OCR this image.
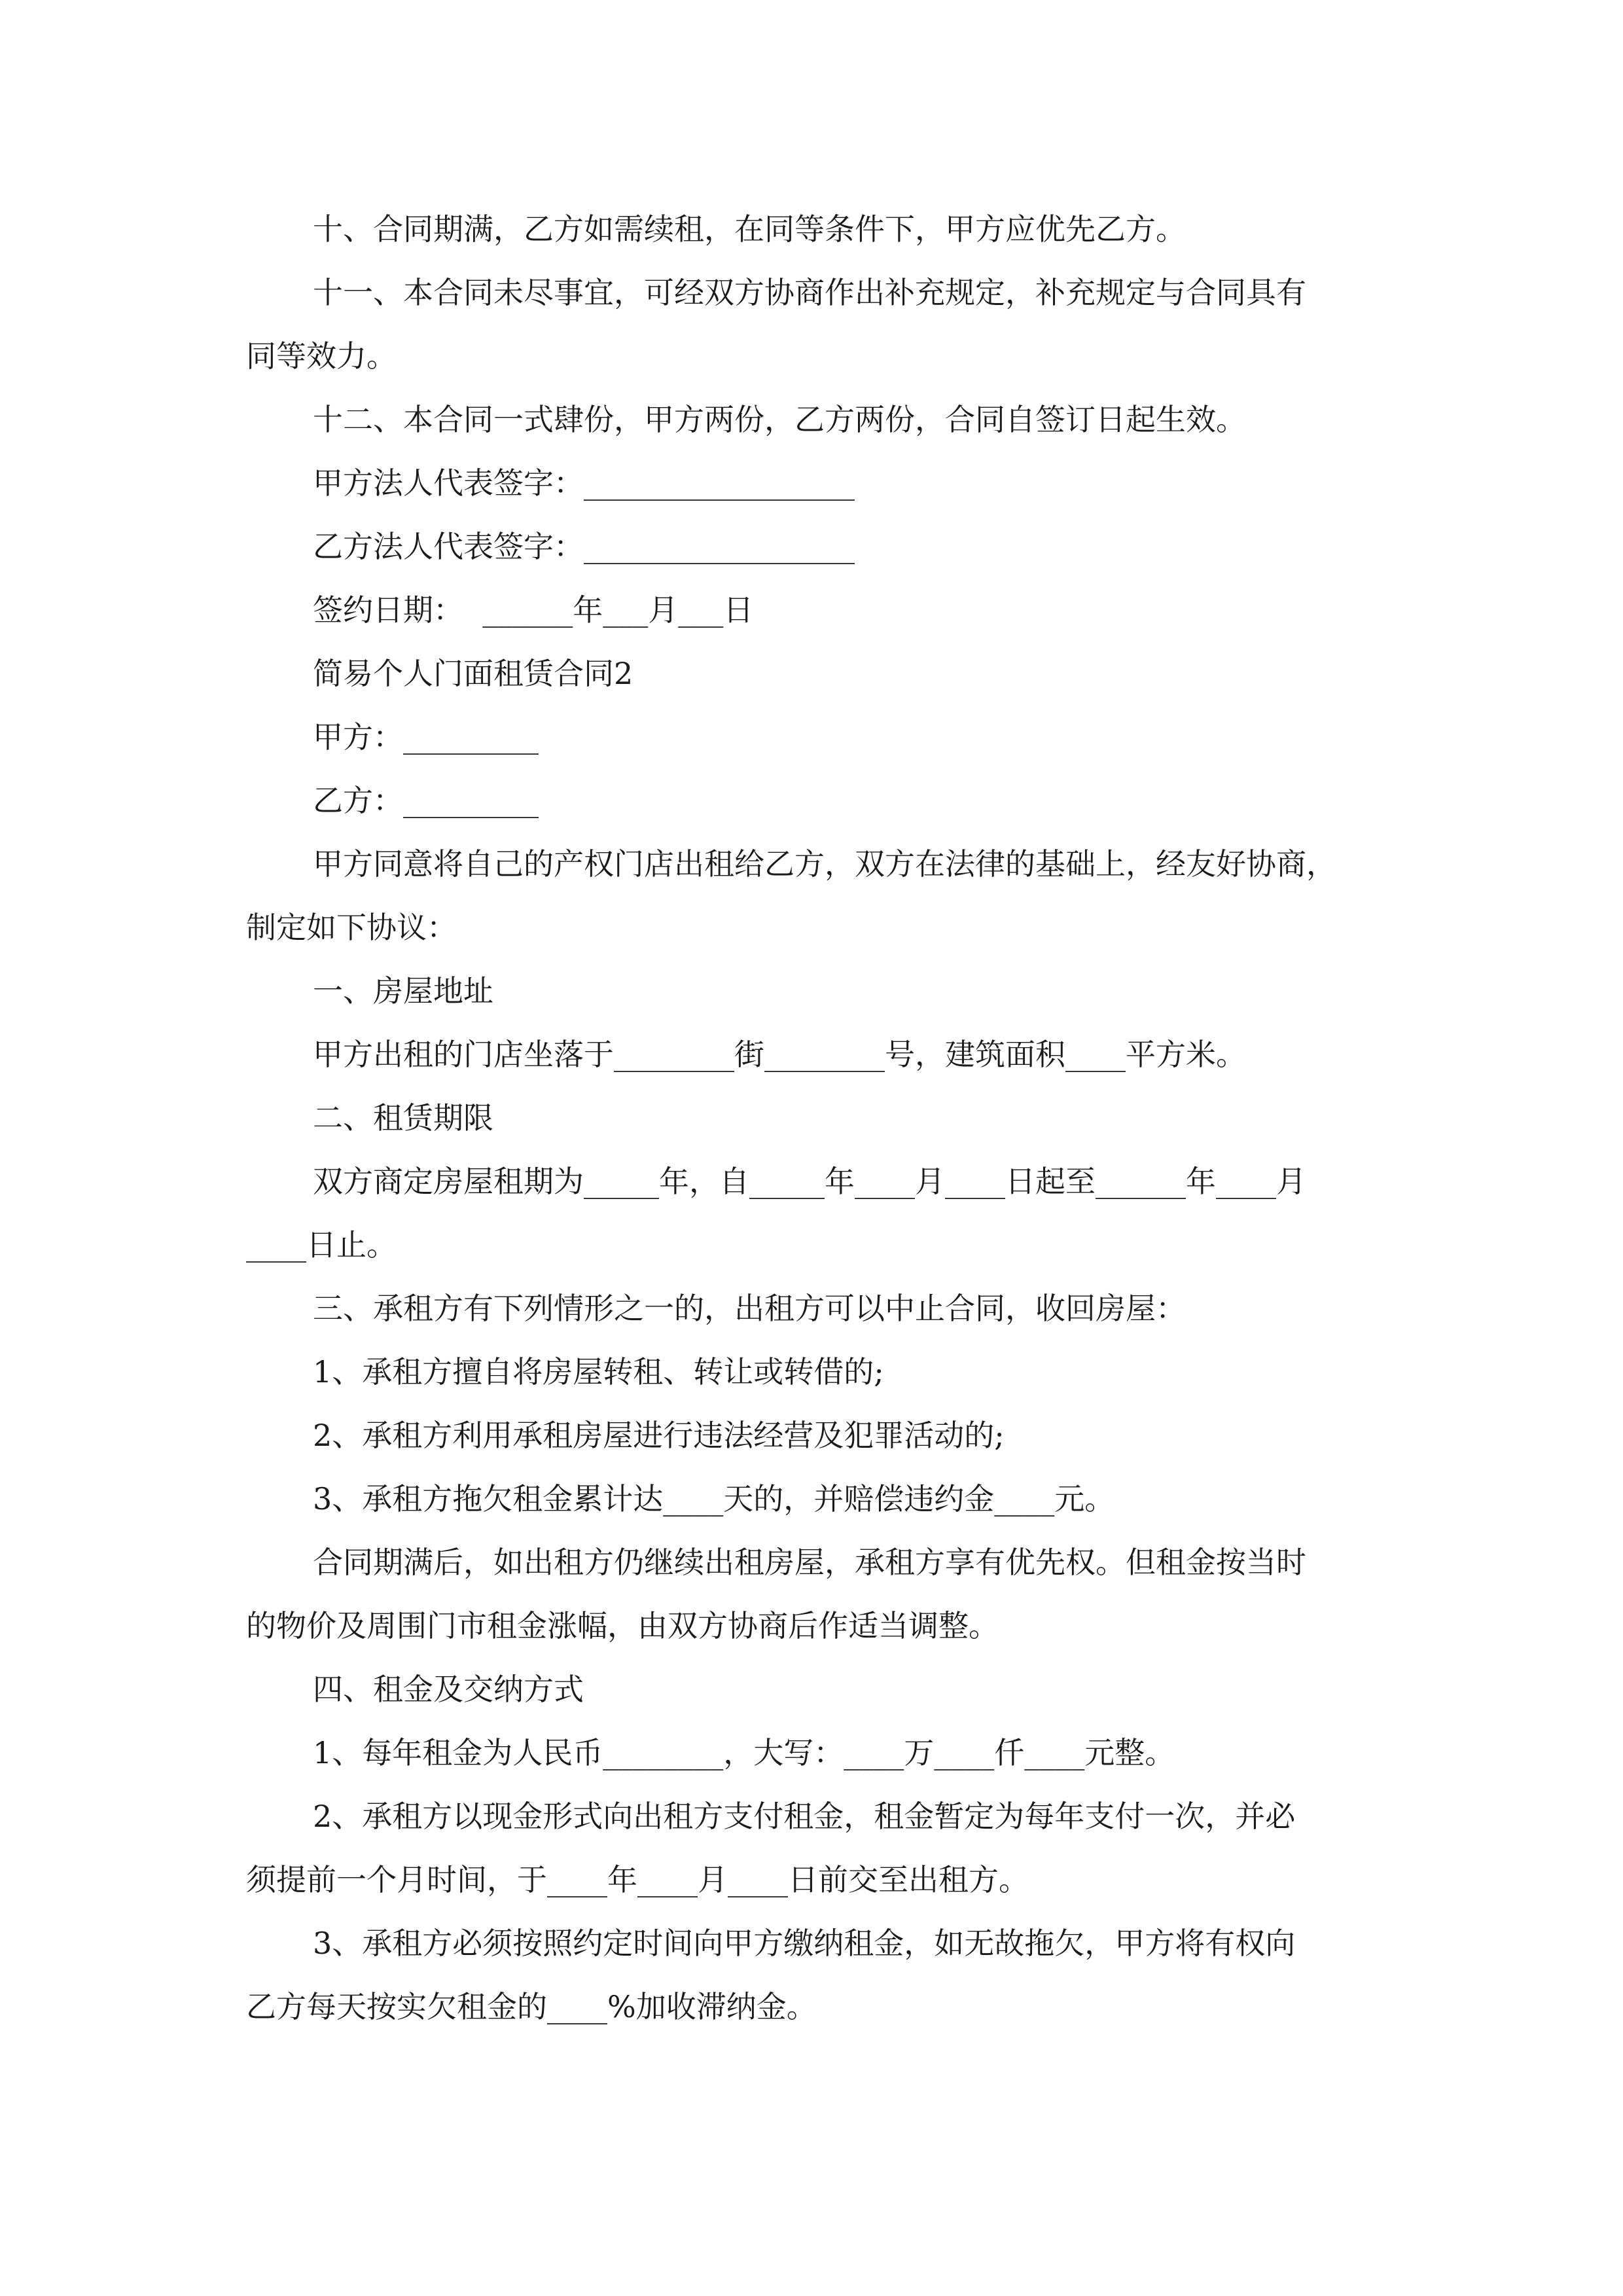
十、合同期满，乙方如需续租，在同等条件下，甲方应优先乙方。

十一、本合同未尽事宜，可经双方协商作出补充规定，补充规定与合同具有

同等效力。

十二、本合同一式肆份，甲方两份，乙方两份，合同自签订日起生效。

甲方法人代表签字：__________________

乙方法人代表签字：__________________

签约日期：  ______年___月___日

简易个人门面租赁合同2

甲方：_________

乙方：_________

甲方同意将自己的产权门店出租给乙方，双方在法律的基础上，经友好协商，

制定如下协议：

一、房屋地址

甲方出租的门店坐落于________街________号，建筑面积____平方米。

二、租赁期限

双方商定房屋租期为_____年，自_____年____月____日起至______年____月

____日止。

三、承租方有下列情形之一的，出租方可以中止合同，收回房屋：

1、承租方擅自将房屋转租、转让或转借的;

2、承租方利用承租房屋进行违法经营及犯罪活动的;

3、承租方拖欠租金累计达____天的，并赔偿违约金____元。

合同期满后，如出租方仍继续出租房屋，承租方享有优先权。但租金按当时

的物价及周围门市租金涨幅，由双方协商后作适当调整。

四、租金及交纳方式

1、每年租金为人民币________，大写：____万____仟____元整。

2、承租方以现金形式向出租方支付租金，租金暂定为每年支付一次，并必

须提前一个月时间，于____年____月____日前交至出租方。

3、承租方必须按照约定时间向甲方缴纳租金，如无故拖欠，甲方将有权向

乙方每天按实欠租金的____%加收滞纳金。
